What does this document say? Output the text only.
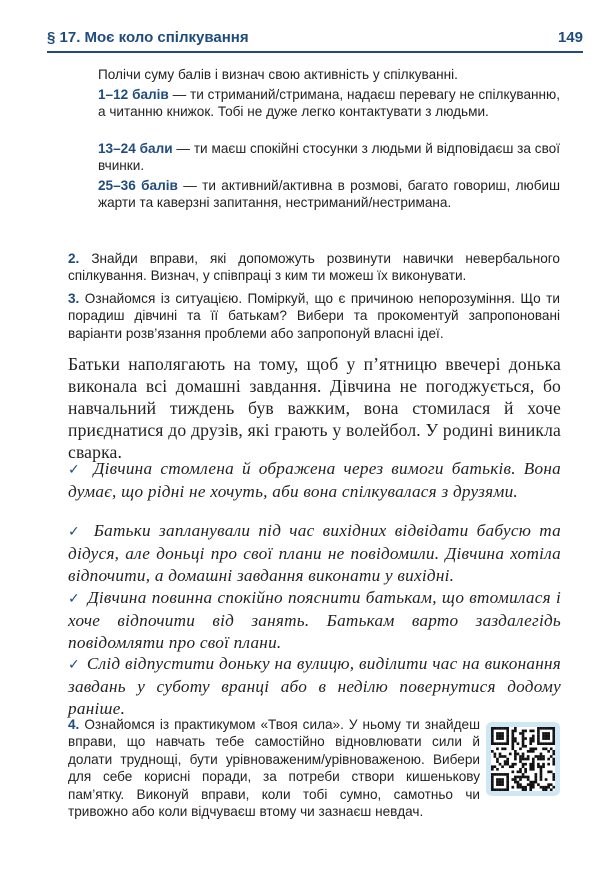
§ 17. Моє коло спілкування	149
Полічи суму балів і визнач свою активність у спілкуванні.
1–12 балів — ти стриманий/стримана, надаєш перевагу не спілкуванню, а читанню книжок. Тобі не дуже легко контактувати з людьми.
13–24 бали — ти маєш спокійні стосунки з людьми й відповідаєш за свої вчинки.
25–36 балів — ти активний/активна в розмові, багато говориш, любиш жарти та каверзні запитання, нестриманий/нестримана.
2. Знайди вправи, які допоможуть розвинути навички невербального спілкування. Визнач, у співпраці з ким ти можеш їх виконувати.
3. Ознайомся із ситуацією. Поміркуй, що є причиною непорозуміння. Що ти порадиш дівчині та її батькам? Вибери та прокоментуй запропоновані варіанти розв’язання проблеми або запропонуй власні ідеї.
Батьки наполягають на тому, щоб у п’ятницю ввечері донька виконала всі домашні завдання. Дівчина не погоджується, бо навчальний тиждень був важким, вона стомилася й хоче приєднатися до друзів, які грають у волейбол. У родині виникла сварка.
✓ Дівчина стомлена й ображена через вимоги батьків. Вона думає, що рідні не хочуть, аби вона спілкувалася з друзями.
✓ Батьки запланували під час вихідних відвідати бабусю та дідуся, але доньці про свої плани не повідомили. Дівчина хотіла відпочити, а домашні завдання виконати у вихідні.
✓ Дівчина повинна спокійно пояснити батькам, що втомилася і хоче відпочити від занять. Батькам варто заздалегідь повідомляти про свої плани.
✓ Слід відпустити доньку на вулицю, виділити час на виконання завдань у суботу вранці або в неділю повернутися додому раніше.
4. Ознайомся із практикумом «Твоя сила». У ньому ти знайдеш вправи, що навчать тебе самостійно відновлювати сили й долати труднощі, бути урівноваженим/урівноваженою. Вибери для себе корисні поради, за потреби створи кишенькову пам’ятку. Виконуй вправи, коли тобі сумно, самотньо чи тривожно або коли відчуваєш втому чи зазнаєш невдач.
